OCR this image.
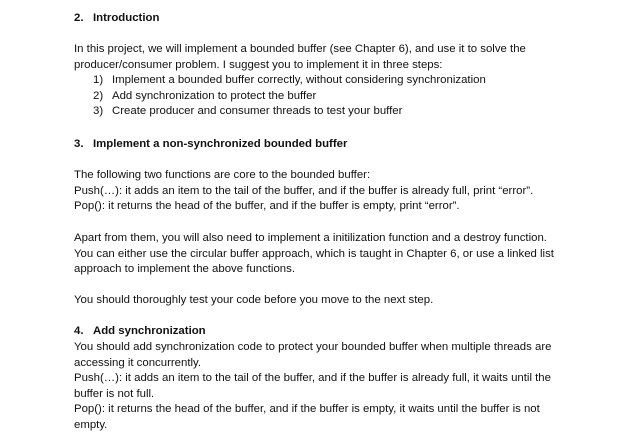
2. Introduction
In this project, we will implement a bounded buffer (see Chapter 6), and use it to solve the
producer/consumer problem. I suggest you to implement it in three steps:
1) Implement a bounded buffer correctly, without considering synchronization
2) Add synchronization to protect the buffer
3) Create producer and consumer threads to test your buffer
3. Implement a non-synchronized bounded buffer
The following two functions are core to the bounded buffer:
Push(…): it adds an item to the tail of the buffer, and if the buffer is already full, print “error”.
Pop(): it returns the head of the buffer, and if the buffer is empty, print “error”.
Apart from them, you will also need to implement a initilization function and a destroy function.
You can either use the circular buffer approach, which is taught in Chapter 6, or use a linked list
approach to implement the above functions.
You should thoroughly test your code before you move to the next step.
4. Add synchronization
You should add synchronization code to protect your bounded buffer when multiple threads are
accessing it concurrently.
Push(…): it adds an item to the tail of the buffer, and if the buffer is already full, it waits until the
buffer is not full.
Pop(): it returns the head of the buffer, and if the buffer is empty, it waits until the buffer is not
empty.
